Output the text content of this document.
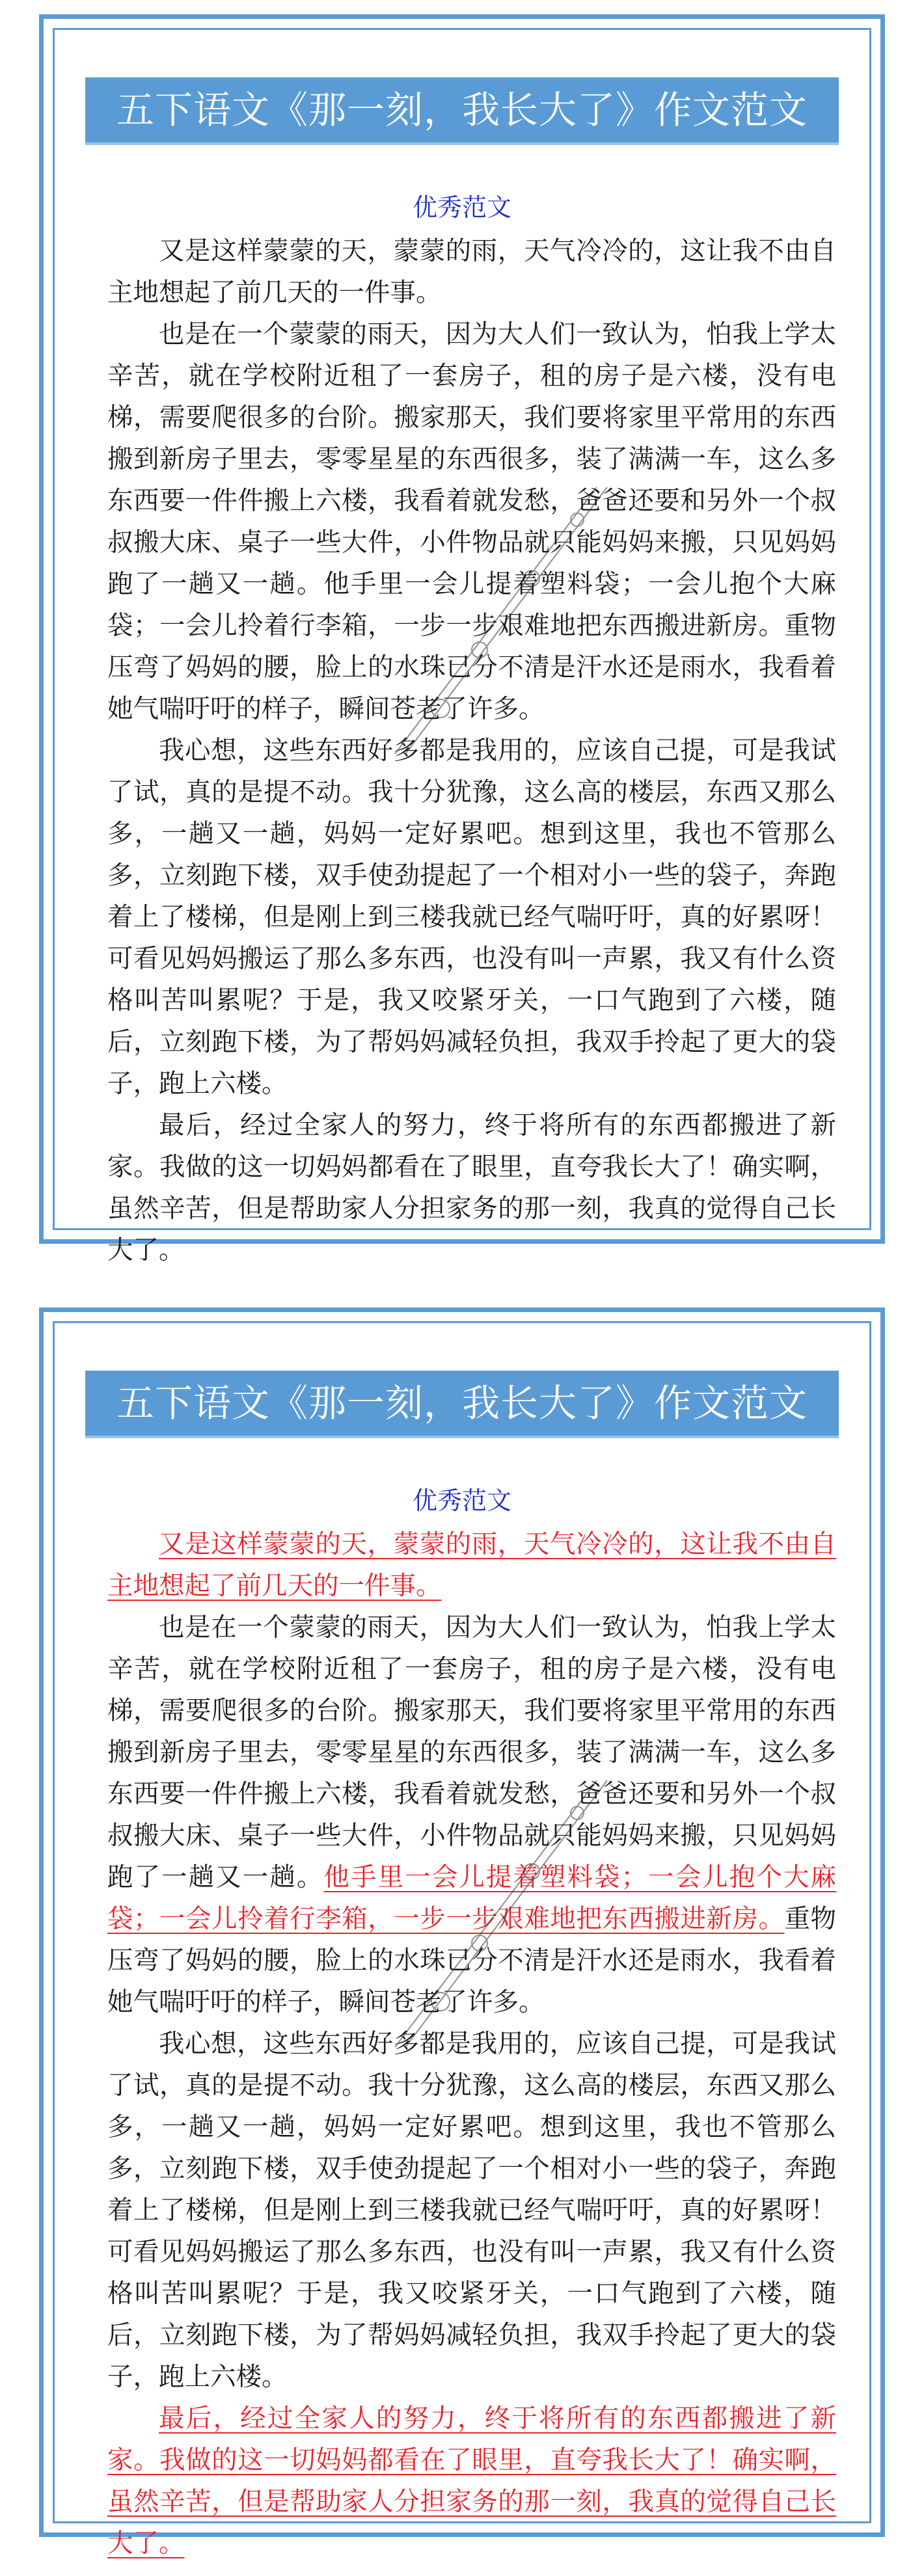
五下语文《那一刻，我长大了》作文范文
优秀范文

又是这样蒙蒙的天，蒙蒙的雨，天气冷冷的，这让我不由自主地想起了前几天的一件事。

也是在一个蒙蒙的雨天，因为大人们一致认为，怕我上学太辛苦，就在学校附近租了一套房子，租的房子是六楼，没有电梯，需要爬很多的台阶。搬家那天，我们要将家里平常用的东西搬到新房子里去，零零星星的东西很多，装了满满一车，这么多东西要一件件搬上六楼，我看着就发愁，爸爸还要和另外一个叔叔搬大床、桌子一些大件，小件物品就只能妈妈来搬，只见妈妈跑了一趟又一趟。他手里一会儿提着塑料袋；一会儿抱个大麻袋；一会儿拎着行李箱，一步一步艰难地把东西搬进新房。重物压弯了妈妈的腰，脸上的水珠已分不清是汗水还是雨水，我看着她气喘吁吁的样子，瞬间苍老了许多。

我心想，这些东西好多都是我用的，应该自己提，可是我试了试，真的是提不动。我十分犹豫，这么高的楼层，东西又那么多，一趟又一趟，妈妈一定好累吧。想到这里，我也不管那么多，立刻跑下楼，双手使劲提起了一个相对小一些的袋子，奔跑着上了楼梯，但是刚上到三楼我就已经气喘吁吁，真的好累呀！可看见妈妈搬运了那么多东西，也没有叫一声累，我又有什么资格叫苦叫累呢？于是，我又咬紧牙关，一口气跑到了六楼，随后，立刻跑下楼，为了帮妈妈减轻负担，我双手拎起了更大的袋子，跑上六楼。

最后，经过全家人的努力，终于将所有的东西都搬进了新家。我做的这一切妈妈都看在了眼里，直夸我长大了！确实啊，虽然辛苦，但是帮助家人分担家务的那一刻，我真的觉得自己长大了。

五下语文《那一刻，我长大了》作文范文
优秀范文

又是这样蒙蒙的天，蒙蒙的雨，天气冷冷的，这让我不由自主地想起了前几天的一件事。

也是在一个蒙蒙的雨天，因为大人们一致认为，怕我上学太辛苦，就在学校附近租了一套房子，租的房子是六楼，没有电梯，需要爬很多的台阶。搬家那天，我们要将家里平常用的东西搬到新房子里去，零零星星的东西很多，装了满满一车，这么多东西要一件件搬上六楼，我看着就发愁，爸爸还要和另外一个叔叔搬大床、桌子一些大件，小件物品就只能妈妈来搬，只见妈妈跑了一趟又一趟。他手里一会儿提着塑料袋；一会儿抱个大麻袋；一会儿拎着行李箱，一步一步艰难地把东西搬进新房。重物压弯了妈妈的腰，脸上的水珠已分不清是汗水还是雨水，我看着她气喘吁吁的样子，瞬间苍老了许多。

我心想，这些东西好多都是我用的，应该自己提，可是我试了试，真的是提不动。我十分犹豫，这么高的楼层，东西又那么多，一趟又一趟，妈妈一定好累吧。想到这里，我也不管那么多，立刻跑下楼，双手使劲提起了一个相对小一些的袋子，奔跑着上了楼梯，但是刚上到三楼我就已经气喘吁吁，真的好累呀！可看见妈妈搬运了那么多东西，也没有叫一声累，我又有什么资格叫苦叫累呢？于是，我又咬紧牙关，一口气跑到了六楼，随后，立刻跑下楼，为了帮妈妈减轻负担，我双手拎起了更大的袋子，跑上六楼。

最后，经过全家人的努力，终于将所有的东西都搬进了新家。我做的这一切妈妈都看在了眼里，直夸我长大了！确实啊，虽然辛苦，但是帮助家人分担家务的那一刻，我真的觉得自己长大了。
